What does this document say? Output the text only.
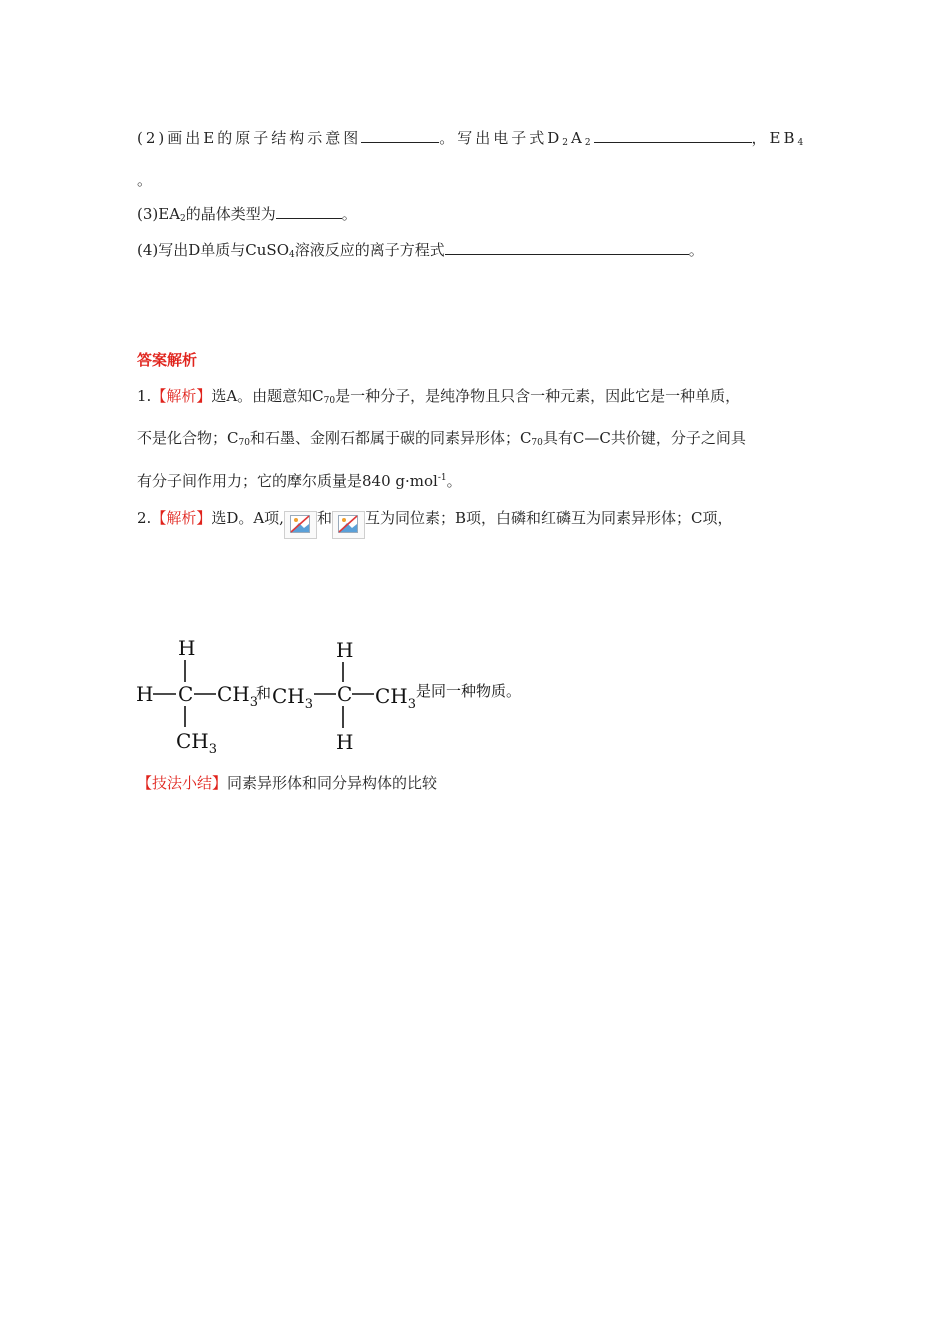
(2)画出E的原子结构示意图	。写出电子式$D_2A_2$	，$EB_4$
。
$(3)EA_2$的晶体类型为	。
(4)写出D单质与CuSO$_4$溶液反应的离子方程式	。
答案解析
1.【解析】选A。由题意知$C_{70}$是一种分子，是纯净物且只含一种元素，因此它是一种单质，
不是化合物；$C_{70}$和石墨、金刚石都属于碳的同素异形体；$C_{70}$具有C—C共价键，分子之间具
有分子间作用力；它的摩尔质量是840 g·mol$^{-1}$。
2.【解析】选D。A项, 和 互为同位素；B项，白磷和红磷互为同素异形体；C项，
H
H C $CH_3$
$CH_3$
和 $CH_3$
H
C $CH_3$
H
是同一种物质。
【技法小结】同素异形体和同分异构体的比较
